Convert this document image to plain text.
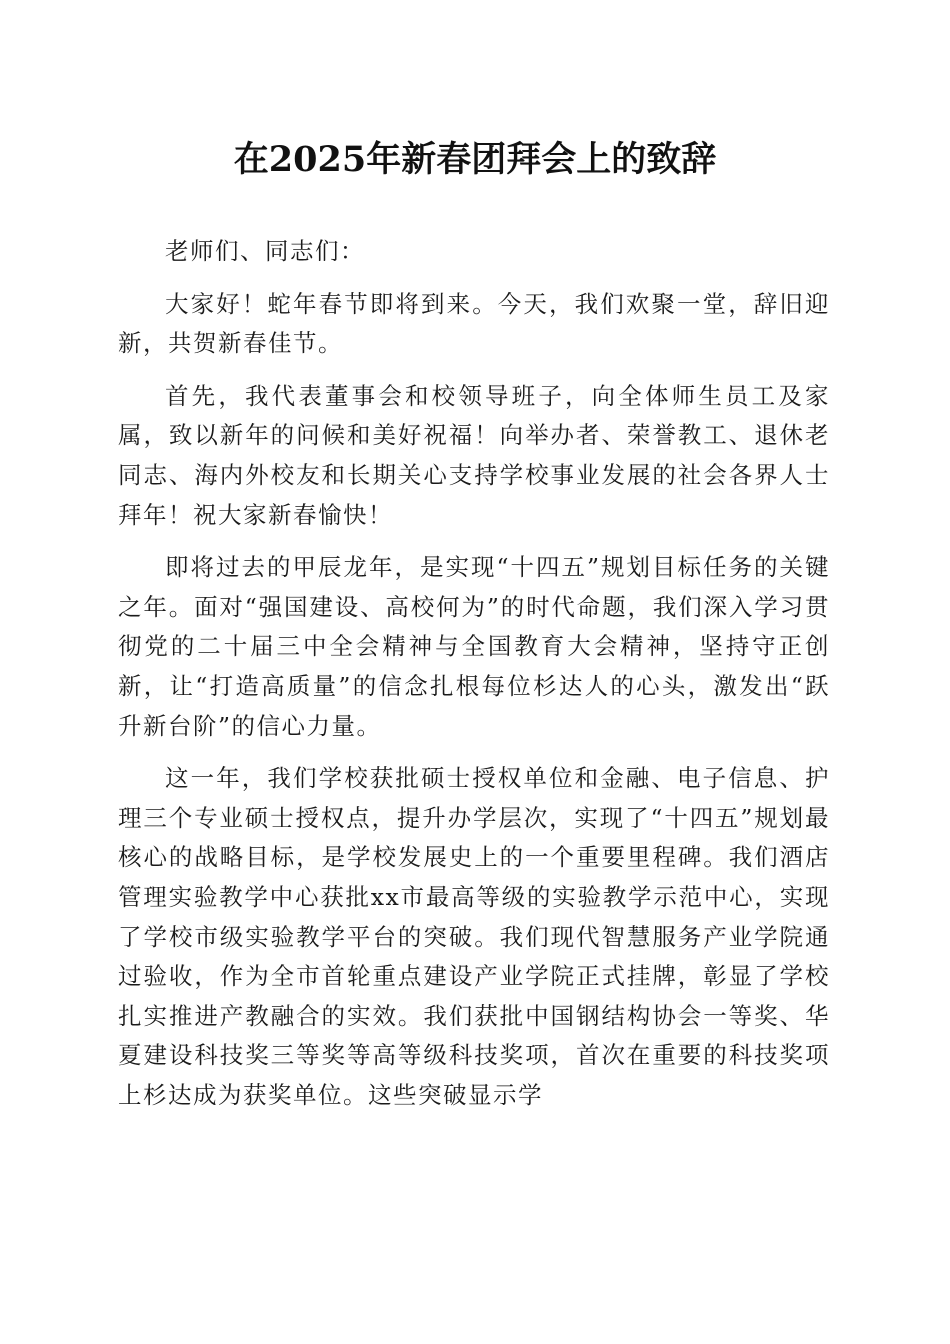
在2025年新春团拜会上的致辞

老师们、同志们：

大家好！蛇年春节即将到来。今天，我们欢聚一堂，辞旧迎新，共贺新春佳节。

首先，我代表董事会和校领导班子，向全体师生员工及家属，致以新年的问候和美好祝福！向举办者、荣誉教工、退休老同志、海内外校友和长期关心支持学校事业发展的社会各界人士拜年！祝大家新春愉快！

即将过去的甲辰龙年，是实现“十四五”规划目标任务的关键之年。面对“强国建设、高校何为”的时代命题，我们深入学习贯彻党的二十届三中全会精神与全国教育大会精神，坚持守正创新，让“打造高质量”的信念扎根每位杉达人的心头，激发出“跃升新台阶”的信心力量。

这一年，我们学校获批硕士授权单位和金融、电子信息、护理三个专业硕士授权点，提升办学层次，实现了“十四五”规划最核心的战略目标，是学校发展史上的一个重要里程碑。我们酒店管理实验教学中心获批xx市最高等级的实验教学示范中心，实现了学校市级实验教学平台的突破。我们现代智慧服务产业学院通过验收，作为全市首轮重点建设产业学院正式挂牌，彰显了学校扎实推进产教融合的实效。我们获批中国钢结构协会一等奖、华夏建设科技奖三等奖等高等级科技奖项，首次在重要的科技奖项上杉达成为获奖单位。这些突破显示学
